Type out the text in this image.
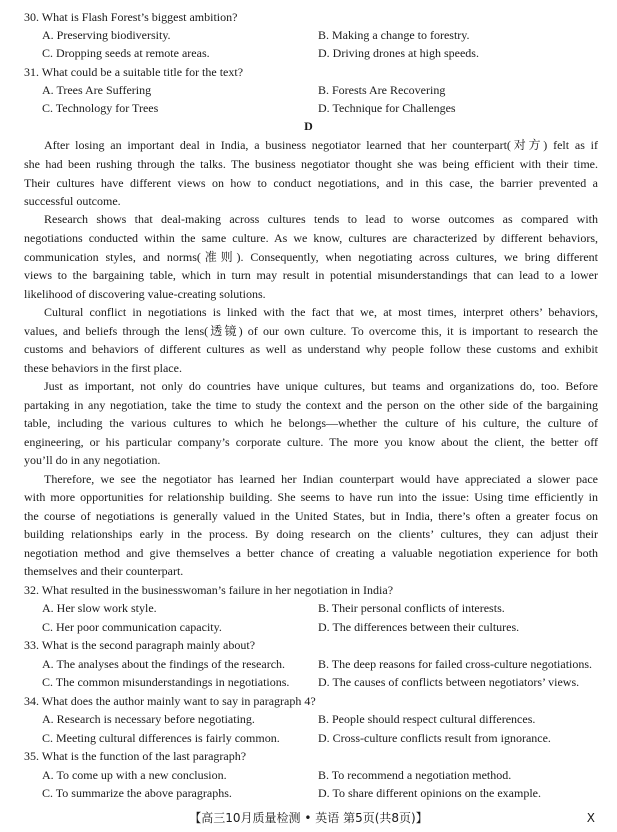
30. What is Flash Forest’s biggest ambition?
A. Preserving biodiversity.	B. Making a change to forestry.
C. Dropping seeds at remote areas.	D. Driving drones at high speeds.
31. What could be a suitable title for the text?
A. Trees Are Suffering	B. Forests Are Recovering
C. Technology for Trees	D. Technique for Challenges
D
After losing an important deal in India, a business negotiator learned that her counterpart(对方) felt as if
she had been rushing through the talks. The business negotiator thought she was being efficient with their time.
Their cultures have different views on how to conduct negotiations, and in this case, the barrier prevented a
successful outcome.
Research shows that deal-making across cultures tends to lead to worse outcomes as compared with
negotiations conducted within the same culture. As we know, cultures are characterized by different behaviors,
communication styles, and norms(准则). Consequently, when negotiating across cultures, we bring different
views to the bargaining table, which in turn may result in potential misunderstandings that can lead to a lower
likelihood of discovering value-creating solutions.
Cultural conflict in negotiations is linked with the fact that we, at most times, interpret others’ behaviors,
values, and beliefs through the lens(透镜) of our own culture. To overcome this, it is important to research the
customs and behaviors of different cultures as well as understand why people follow these customs and exhibit
these behaviors in the first place.
Just as important, not only do countries have unique cultures, but teams and organizations do, too. Before
partaking in any negotiation, take the time to study the context and the person on the other side of the bargaining
table, including the various cultures to which he belongs—whether the culture of his culture, the culture of
engineering, or his particular company’s corporate culture. The more you know about the client, the better off
you’ll do in any negotiation.
Therefore, we see the negotiator has learned her Indian counterpart would have appreciated a slower pace
with more opportunities for relationship building. She seems to have run into the issue: Using time efficiently in
the course of negotiations is generally valued in the United States, but in India, there’s often a greater focus on
building relationships early in the process. By doing research on the clients’ cultures, they can adjust their
negotiation method and give themselves a better chance of creating a valuable negotiation experience for both
themselves and their counterpart.
32. What resulted in the businesswoman’s failure in her negotiation in India?
A. Her slow work style.	B. Their personal conflicts of interests.
C. Her poor communication capacity.	D. The differences between their cultures.
33. What is the second paragraph mainly about?
A. The analyses about the findings of the research.	B. The deep reasons for failed cross-culture negotiations.
C. The common misunderstandings in negotiations. D. The causes of conflicts between negotiators’ views.
34. What does the author mainly want to say in paragraph 4?
A. Research is necessary before negotiating.	B. People should respect cultural differences.
C. Meeting cultural differences is fairly common.	D. Cross-culture conflicts result from ignorance.
35. What is the function of the last paragraph?
A. To come up with a new conclusion.	B. To recommend a negotiation method.
C. To summarize the above paragraphs.	D. To share different opinions on the example.
【高三10月质量检测 • 英语 第5页(共8页)】	X
